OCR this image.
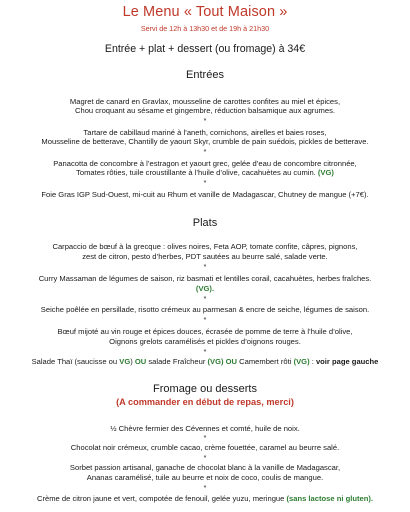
Le Menu « Tout Maison »
Servi de 12h à 13h30 et de 19h à 21h30
Entrée + plat + dessert (ou fromage) à 34€
Entrées
Magret de canard en Gravlax, mousseline de carottes confites au miel et épices,
Chou croquant au sésame et gingembre, réduction balsamique aux agrumes.
*
Tartare de cabillaud mariné à l’aneth, cornichons, airelles et baies roses,
Mousseline de betterave, Chantilly de yaourt Skyr, crumble de pain suédois, pickles de betterave.
*
Panacotta de concombre à l’estragon et yaourt grec, gelée d’eau de concombre citronnée,
Tomates rôties, tuile croustillante à l’huile d’olive, cacahuètes au cumin. (VG)
*
Foie Gras IGP Sud-Ouest, mi-cuit au Rhum et vanille de Madagascar, Chutney de mangue (+7€).
Plats
Carpaccio de bœuf à la grecque : olives noires, Feta AOP, tomate confite, câpres, pignons,
zest de citron, pesto d’herbes, PDT sautées au beurre salé, salade verte.
*
Curry Massaman de légumes de saison, riz basmati et lentilles corail, cacahuètes, herbes fraîches.
(VG).
*
Seiche poêlée en persillade, risotto crémeux au parmesan & encre de seiche, légumes de saison.
*
Bœuf mijoté au vin rouge et épices douces, écrasée de pomme de terre à l’huile d’olive,
Oignons grelots caramélisés et pickles d’oignons rouges.
*
Salade Thaï (saucisse ou VG) OU salade Fraîcheur (VG) OU Camembert rôti (VG) : voir page gauche
Fromage ou desserts
(A commander en début de repas, merci)
½ Chèvre fermier des Cévennes et comté, huile de noix.
*
Chocolat noir crémeux, crumble cacao, crème fouettée, caramel au beurre salé.
*
Sorbet passion artisanal, ganache de chocolat blanc à la vanille de Madagascar,
Ananas caramélisé, tuile au beurre et noix de coco, coulis de mangue.
*
Crème de citron jaune et vert, compotée de fenouil, gelée yuzu, meringue (sans lactose ni gluten).
